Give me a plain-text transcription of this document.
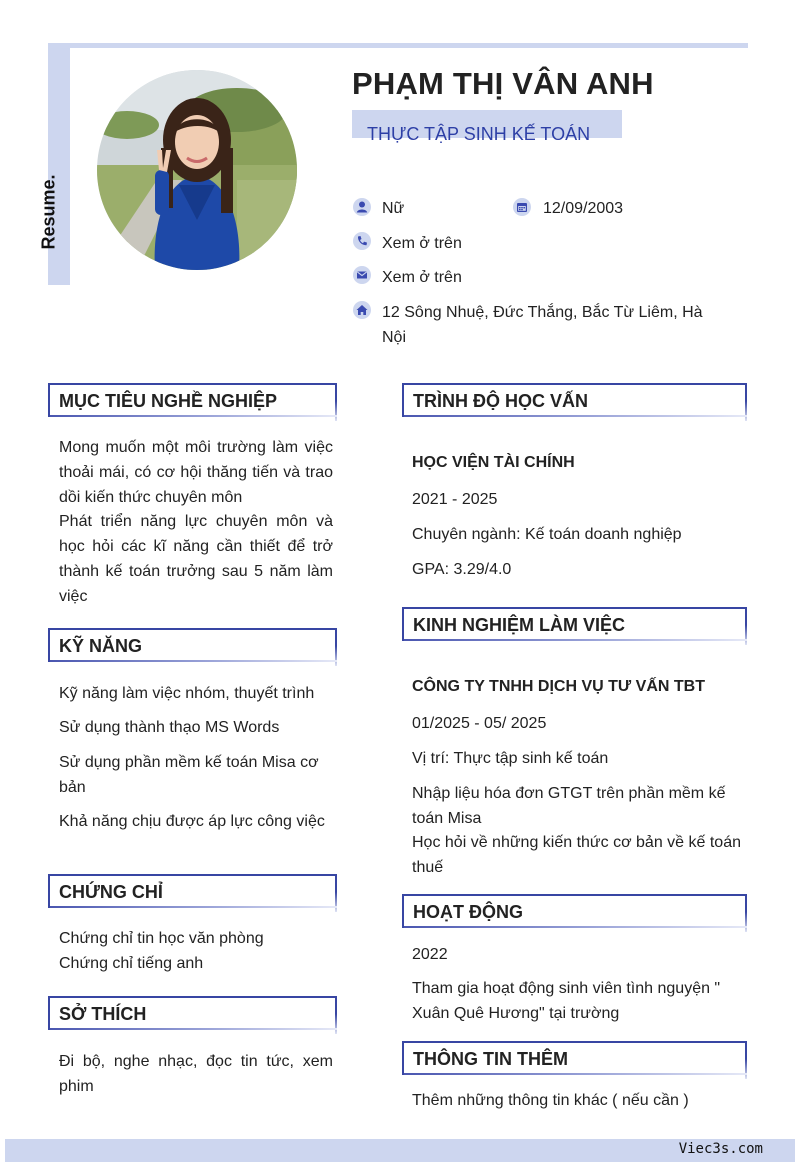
Resume.
PHẠM THỊ VÂN ANH
THỰC TẬP SINH KẾ TOÁN
Nữ	12/09/2003
Xem ở trên
Xem ở trên
12 Sông Nhuệ, Đức Thắng, Bắc Từ Liêm, Hà Nội
MỤC TIÊU NGHỀ NGHIỆP
Mong muốn một môi trường làm việc thoải mái, có cơ hội thăng tiến và trao dồi kiến thức chuyên môn
Phát triển năng lực chuyên môn và học hỏi các kĩ năng cần thiết để trở thành kế toán trưởng sau 5 năm làm việc
KỸ NĂNG
Kỹ năng làm việc nhóm, thuyết trình
Sử dụng thành thạo MS Words
Sử dụng phần mềm kế toán Misa cơ bản
Khả năng chịu được áp lực công việc
CHỨNG CHỈ
Chứng chỉ tin học văn phòng
Chứng chỉ tiếng anh
SỞ THÍCH
Đi bộ, nghe nhạc, đọc tin tức, xem phim
TRÌNH ĐỘ HỌC VẤN
HỌC VIỆN TÀI CHÍNH
2021 - 2025
Chuyên ngành: Kế toán doanh nghiệp
GPA: 3.29/4.0
KINH NGHIỆM LÀM VIỆC
CÔNG TY TNHH DỊCH VỤ TƯ VẤN TBT
01/2025 - 05/ 2025
Vị trí: Thực tập sinh kế toán
Nhập liệu hóa đơn GTGT trên phần mềm kế toán Misa
Học hỏi về những kiến thức cơ bản về kế toán thuế
HOẠT ĐỘNG
2022
Tham gia hoạt động sinh viên tình nguyện " Xuân Quê Hương" tại trường
THÔNG TIN THÊM
Thêm những thông tin khác ( nếu cần )
Viec3s.com
